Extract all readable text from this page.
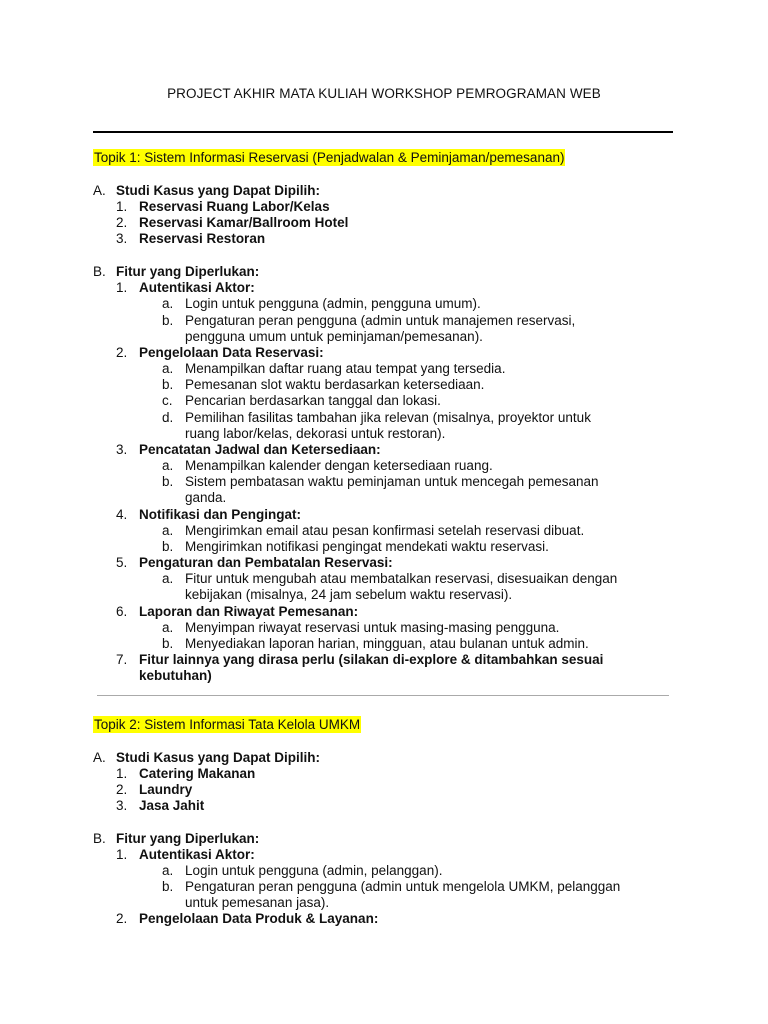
PROJECT AKHIR MATA KULIAH WORKSHOP PEMROGRAMAN WEB
Topik 1: Sistem Informasi Reservasi (Penjadwalan & Peminjaman/pemesanan)
A. Studi Kasus yang Dapat Dipilih:
1. Reservasi Ruang Labor/Kelas
2. Reservasi Kamar/Ballroom Hotel
3. Reservasi Restoran
B. Fitur yang Diperlukan:
1. Autentikasi Aktor:
a. Login untuk pengguna (admin, pengguna umum).
b. Pengaturan peran pengguna (admin untuk manajemen reservasi,
pengguna umum untuk peminjaman/pemesanan).
2. Pengelolaan Data Reservasi:
a. Menampilkan daftar ruang atau tempat yang tersedia.
b. Pemesanan slot waktu berdasarkan ketersediaan.
c. Pencarian berdasarkan tanggal dan lokasi.
d. Pemilihan fasilitas tambahan jika relevan (misalnya, proyektor untuk
ruang labor/kelas, dekorasi untuk restoran).
3. Pencatatan Jadwal dan Ketersediaan:
a. Menampilkan kalender dengan ketersediaan ruang.
b. Sistem pembatasan waktu peminjaman untuk mencegah pemesanan
ganda.
4. Notifikasi dan Pengingat:
a. Mengirimkan email atau pesan konfirmasi setelah reservasi dibuat.
b. Mengirimkan notifikasi pengingat mendekati waktu reservasi.
5. Pengaturan dan Pembatalan Reservasi:
a. Fitur untuk mengubah atau membatalkan reservasi, disesuaikan dengan
kebijakan (misalnya, 24 jam sebelum waktu reservasi).
6. Laporan dan Riwayat Pemesanan:
a. Menyimpan riwayat reservasi untuk masing-masing pengguna.
b. Menyediakan laporan harian, mingguan, atau bulanan untuk admin.
7. Fitur lainnya yang dirasa perlu (silakan di-explore & ditambahkan sesuai
kebutuhan)
Topik 2: Sistem Informasi Tata Kelola UMKM
A. Studi Kasus yang Dapat Dipilih:
1. Catering Makanan
2. Laundry
3. Jasa Jahit
B. Fitur yang Diperlukan:
1. Autentikasi Aktor:
a. Login untuk pengguna (admin, pelanggan).
b. Pengaturan peran pengguna (admin untuk mengelola UMKM, pelanggan
untuk pemesanan jasa).
2. Pengelolaan Data Produk & Layanan:
